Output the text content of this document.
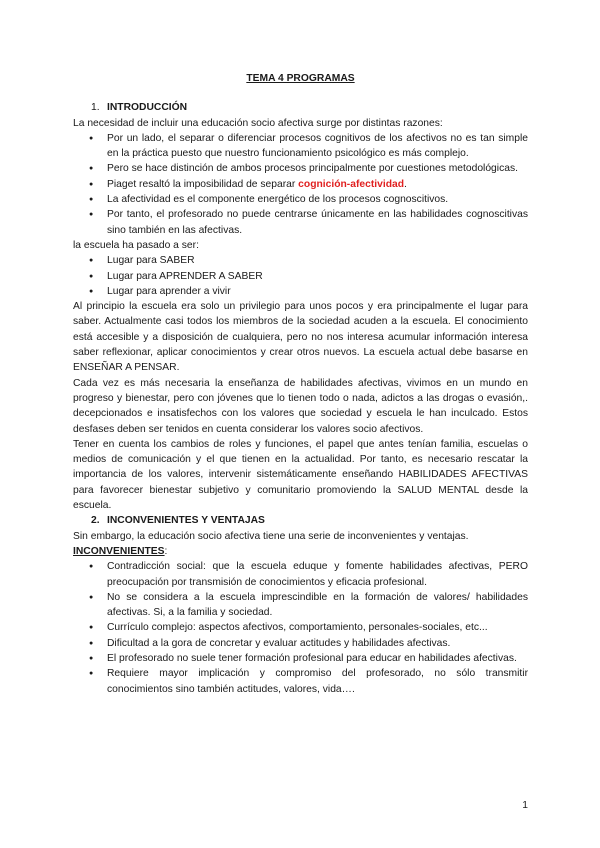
TEMA 4 PROGRAMAS
1. INTRODUCCIÓN

La necesidad de incluir una educación socio afectiva surge por distintas razones:

● Por un lado, el separar o diferenciar procesos cognitivos de los afectivos no es tan simple en la práctica puesto que nuestro funcionamiento psicológico es más complejo.
● Pero se hace distinción de ambos procesos principalmente por cuestiones metodológicas.
● Piaget resaltó la imposibilidad de separar cognición-afectividad.
● La afectividad es el componente energético de los procesos cognoscitivos.
● Por tanto, el profesorado no puede centrarse únicamente en las habilidades cognoscitivas sino también en las afectivas.

la escuela ha pasado a ser:

● Lugar para SABER
● Lugar para APRENDER A SABER
● Lugar para aprender a vivir

Al principio la escuela era solo un privilegio para unos pocos y era principalmente el lugar para saber. Actualmente casi todos los miembros de la sociedad acuden a la escuela. El conocimiento está accesible y a disposición de cualquiera, pero no nos interesa acumular información interesa saber reflexionar, aplicar conocimientos y crear otros nuevos. La escuela actual debe basarse en ENSEÑAR A PENSAR.

Cada vez es más necesaria la enseñanza de habilidades afectivas, vivimos en un mundo en progreso y bienestar, pero con jóvenes que lo tienen todo o nada, adictos a las drogas o evasión,. decepcionados e insatisfechos con los valores que sociedad y escuela le han inculcado. Estos desfases deben ser tenidos en cuenta considerar los valores socio afectivos.

Tener en cuenta los cambios de roles y funciones, el papel que antes tenían familia, escuelas o medios de comunicación y el que tienen en la actualidad. Por tanto, es necesario rescatar la importancia de los valores, intervenir sistemáticamente enseñando HABILIDADES AFECTIVAS para favorecer bienestar subjetivo y comunitario promoviendo la SALUD MENTAL desde la escuela.

2. INCONVENIENTES Y VENTAJAS

Sin embargo, la educación socio afectiva tiene una serie de inconvenientes y ventajas.

INCONVENIENTES:

● Contradicción social: que la escuela eduque y fomente habilidades afectivas, PERO preocupación por transmisión de conocimientos y eficacia profesional.
● No se considera a la escuela imprescindible en la formación de valores/ habilidades afectivas. Si, a la familia y sociedad.
● Currículo complejo: aspectos afectivos, comportamiento, personales-sociales, etc...
● Dificultad a la gora de concretar y evaluar actitudes y habilidades afectivas.
● El profesorado no suele tener formación profesional para educar en habilidades afectivas.
● Requiere mayor implicación y compromiso del profesorado, no sólo transmitir conocimientos sino también actitudes, valores, vida….
1
